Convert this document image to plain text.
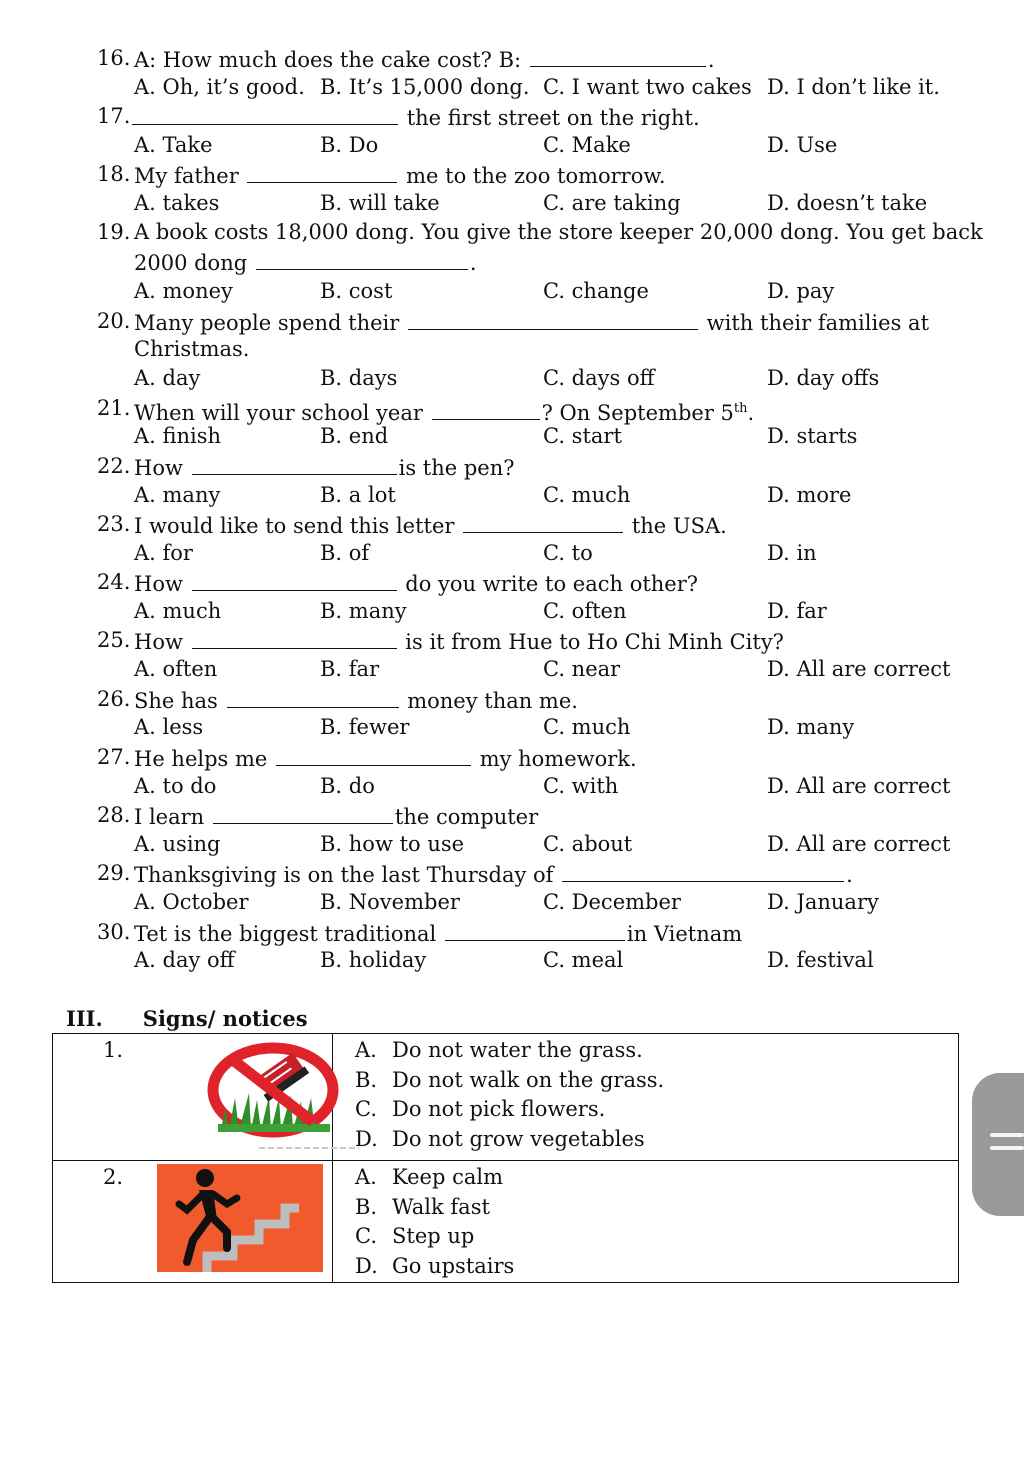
16. A: How much does the cake cost? B:	.
A. Oh, it’s good. B. It’s 15,000 dong. C. I want two cakes D. I don’t like it.
17.	the first street on the right.
A. Take	B. Do	C. Make	D. Use
18. My father	me to the zoo tomorrow.
A. takes	B. will take	C. are taking	D. doesn’t take
19. A book costs 18,000 dong. You give the store keeper 20,000 dong. You get back
2000 dong	.
A. money	B. cost	C. change	D. pay
20. Many people spend their	with their families at
Christmas.
A. day	B. days	C. days off	D. day offs
21. When will your school year	? On September 5th.
A. finish	B. end	C. start	D. starts
22. How	is the pen?
A. many	B. a lot	C. much	D. more
23. I would like to send this letter	the USA.
A. for	B. of	C. to	D. in
24. How	do you write to each other?
A. much	B. many	C. often	D. far
25. How	is it from Hue to Ho Chi Minh City?
A. often	B. far	C. near	D. All are correct
26. She has	money than me.
A. less	B. fewer	C. much	D. many
27. He helps me	my homework.
A. to do	B. do	C. with	D. All are correct
28. I learn	the computer
A. using	B. how to use	C. about	D. All are correct
29. Thanksgiving is on the last Thursday of	.
A. October	B. November	C. December	D. January
30. Tet is the biggest traditional	in Vietnam
A. day off	B. holiday	C. meal	D. festival
III. Signs/ notices
1.	A. Do not water the grass.
B. Do not walk on the grass.
C. Do not pick flowers.
D. Do not grow vegetables

2.	A. Keep calm
B. Walk fast
C. Step up
D. Go upstairs
